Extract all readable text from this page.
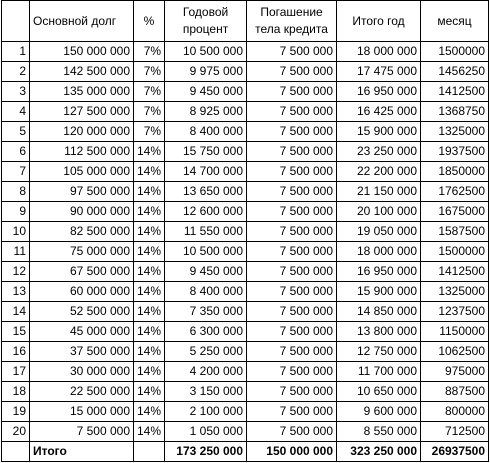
	Основной долг	%	Годовой процент	Погашение тела кредита	Итого год	месяц
1	150 000 000	7%	10 500 000	7 500 000	18 000 000	1500000
2	142 500 000	7%	9 975 000	7 500 000	17 475 000	1456250
3	135 000 000	7%	9 450 000	7 500 000	16 950 000	1412500
4	127 500 000	7%	8 925 000	7 500 000	16 425 000	1368750
5	120 000 000	7%	8 400 000	7 500 000	15 900 000	1325000
6	112 500 000	14%	15 750 000	7 500 000	23 250 000	1937500
7	105 000 000	14%	14 700 000	7 500 000	22 200 000	1850000
8	97 500 000	14%	13 650 000	7 500 000	21 150 000	1762500
9	90 000 000	14%	12 600 000	7 500 000	20 100 000	1675000
10	82 500 000	14%	11 550 000	7 500 000	19 050 000	1587500
11	75 000 000	14%	10 500 000	7 500 000	18 000 000	1500000
12	67 500 000	14%	9 450 000	7 500 000	16 950 000	1412500
13	60 000 000	14%	8 400 000	7 500 000	15 900 000	1325000
14	52 500 000	14%	7 350 000	7 500 000	14 850 000	1237500
15	45 000 000	14%	6 300 000	7 500 000	13 800 000	1150000
16	37 500 000	14%	5 250 000	7 500 000	12 750 000	1062500
17	30 000 000	14%	4 200 000	7 500 000	11 700 000	975000
18	22 500 000	14%	3 150 000	7 500 000	10 650 000	887500
19	15 000 000	14%	2 100 000	7 500 000	9 600 000	800000
20	7 500 000	14%	1 050 000	7 500 000	8 550 000	712500
	Итого		173 250 000	150 000 000	323 250 000	26937500
